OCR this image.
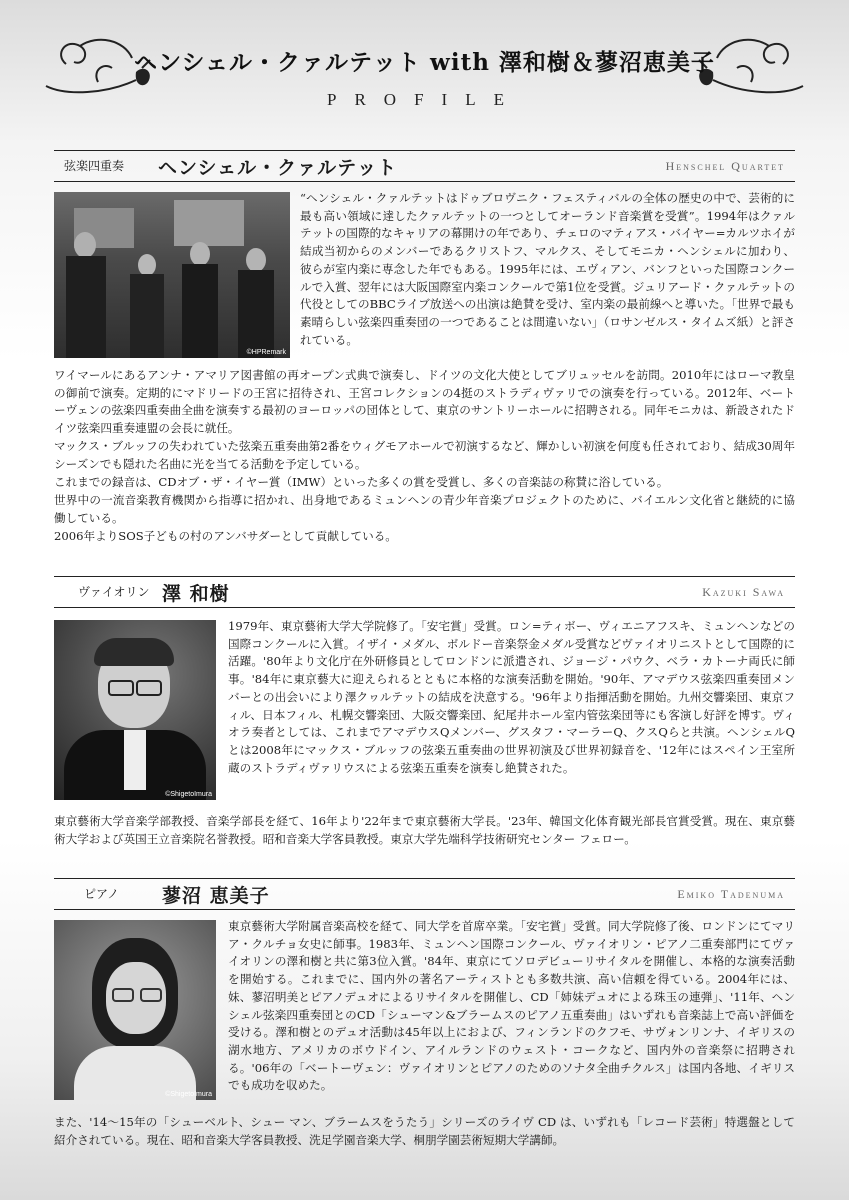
ヘンシェル・クァルテット with 澤和樹＆蓼沼恵美子
PROFILE
弦楽四重奏 ヘンシェル・クァルテット	Henschel Quartet
©HPRemark

“ヘンシェル・クァルテットはドゥブロヴニク・フェスティバルの全体の歴史の中で、芸術的に最も高い領域に達したクァルテットの一つとしてオーランド音楽賞を受賞”。1994年はクァルテットの国際的なキャリアの幕開けの年であり、チェロのマティアス・バイヤー=カルツホイが結成当初からのメンバーであるクリストフ、マルクス、そしてモニカ・ヘンシェルに加わり、彼らが室内楽に専念した年でもある。1995年には、エヴィアン、バンフといった国際コンクールで入賞、翌年には大阪国際室内楽コンクールで第1位を受賞。ジュリアード・クァルテットの代役としてのBBCライブ放送への出演は絶賛を受け、室内楽の最前線へと導いた。「世界で最も素晴らしい弦楽四重奏団の一つであることは間違いない」（ロサンゼルス・タイムズ紙）と評されている。

ワイマールにあるアンナ・アマリア図書館の再オープン式典で演奏し、ドイツの文化大使としてブリュッセルを訪問。2010年にはローマ教皇の御前で演奏。定期的にマドリードの王宮に招待され、王宮コレクションの4挺のストラディヴァリでの演奏を行っている。2012年、ベートーヴェンの弦楽四重奏曲全曲を演奏する最初のヨーロッパの団体として、東京のサントリーホールに招聘される。同年モニカは、新設されたドイツ弦楽四重奏連盟の会長に就任。

マックス・ブルッフの失われていた弦楽五重奏曲第2番をウィグモアホールで初演するなど、輝かしい初演を何度も任されており、結成30周年シーズンでも隠れた名曲に光を当てる活動を予定している。

これまでの録音は、CDオブ・ザ・イヤー賞（IMW）といった多くの賞を受賞し、多くの音楽誌の称賛に浴している。

世界中の一流音楽教育機関から指導に招かれ、出身地であるミュンヘンの青少年音楽プロジェクトのために、バイエルン文化省と継続的に協働している。

2006年よりSOS子どもの村のアンバサダーとして貢献している。

ヴァイオリン 澤 和樹	Kazuki Sawa
©ShigetoImura

1979年、東京藝術大学大学院修了。「安宅賞」受賞。ロン=ティボー、ヴィエニアフスキ、ミュンヘンなどの国際コンクールに入賞。イザイ・メダル、ボルドー音楽祭金メダル受賞などヴァイオリニストとして国際的に活躍。'80年より文化庁在外研修員としてロンドンに派遣され、ジョージ・パウク、ベラ・カトーナ両氏に師事。'84年に東京藝大に迎えられるとともに本格的な演奏活動を開始。'90年、アマデウス弦楽四重奏団メンバーとの出会いにより澤クヮルテットの結成を決意する。'96年より指揮活動を開始。九州交響楽団、東京フィル、日本フィル、札幌交響楽団、大阪交響楽団、紀尾井ホール室内管弦楽団等にも客演し好評を博す。ヴィオラ奏者としては、これまでアマデウスQメンバー、グスタフ・マーラーQ、クスQらと共演。ヘンシェルQとは2008年にマックス・ブルッフの弦楽五重奏曲の世界初演及び世界初録音を、'12年にはスペイン王室所蔵のストラディヴァリウスによる弦楽五重奏を演奏し絶賛された。

東京藝術大学音楽学部教授、音楽学部長を経て、16年より'22年まで東京藝術大学長。'23年、韓国文化体育観光部長官賞受賞。現在、東京藝術大学および英国王立音楽院名誉教授。昭和音楽大学客員教授。東京大学先端科学技術研究センター フェロー。

ピアノ 蓼沼 恵美子	Emiko Tadenuma
©ShigetoImura

東京藝術大学附属音楽高校を経て、同大学を首席卒業。「安宅賞」受賞。同大学院修了後、ロンドンにてマリア・クルチョ女史に師事。1983年、ミュンヘン国際コンクール、ヴァイオリン・ピアノ二重奏部門にてヴァイオリンの澤和樹と共に第3位入賞。'84年、東京にてソロデビューリサイタルを開催し、本格的な演奏活動を開始する。これまでに、国内外の著名アーティストとも多数共演、高い信頼を得ている。2004年には、妹、蓼沼明美とピアノデュオによるリサイタルを開催し、CD「姉妹デュオによる珠玉の連弾」、'11年、ヘンシェル弦楽四重奏団とのCD「シューマン&ブラームスのピアノ五重奏曲」はいずれも音楽誌上で高い評価を受ける。澤和樹とのデュオ活動は45年以上におよび、フィンランドのクフモ、サヴォンリンナ、イギリスの湖水地方、アメリカのボウドイン、アイルランドのウェスト・コークなど、国内外の音楽祭に招聘される。'06年の「ベートーヴェン：ヴァイオリンとピアノのためのソナタ全曲チクルス」は国内各地、イギリスでも成功を収めた。

また、'14〜15年の「シューベルト、シュー マン、ブラームスをうたう」シリーズのライヴ CD は、いずれも「レコード芸術」特選盤として紹介されている。現在、昭和音楽大学客員教授、洗足学園音楽大学、桐朋学園芸術短期大学講師。
